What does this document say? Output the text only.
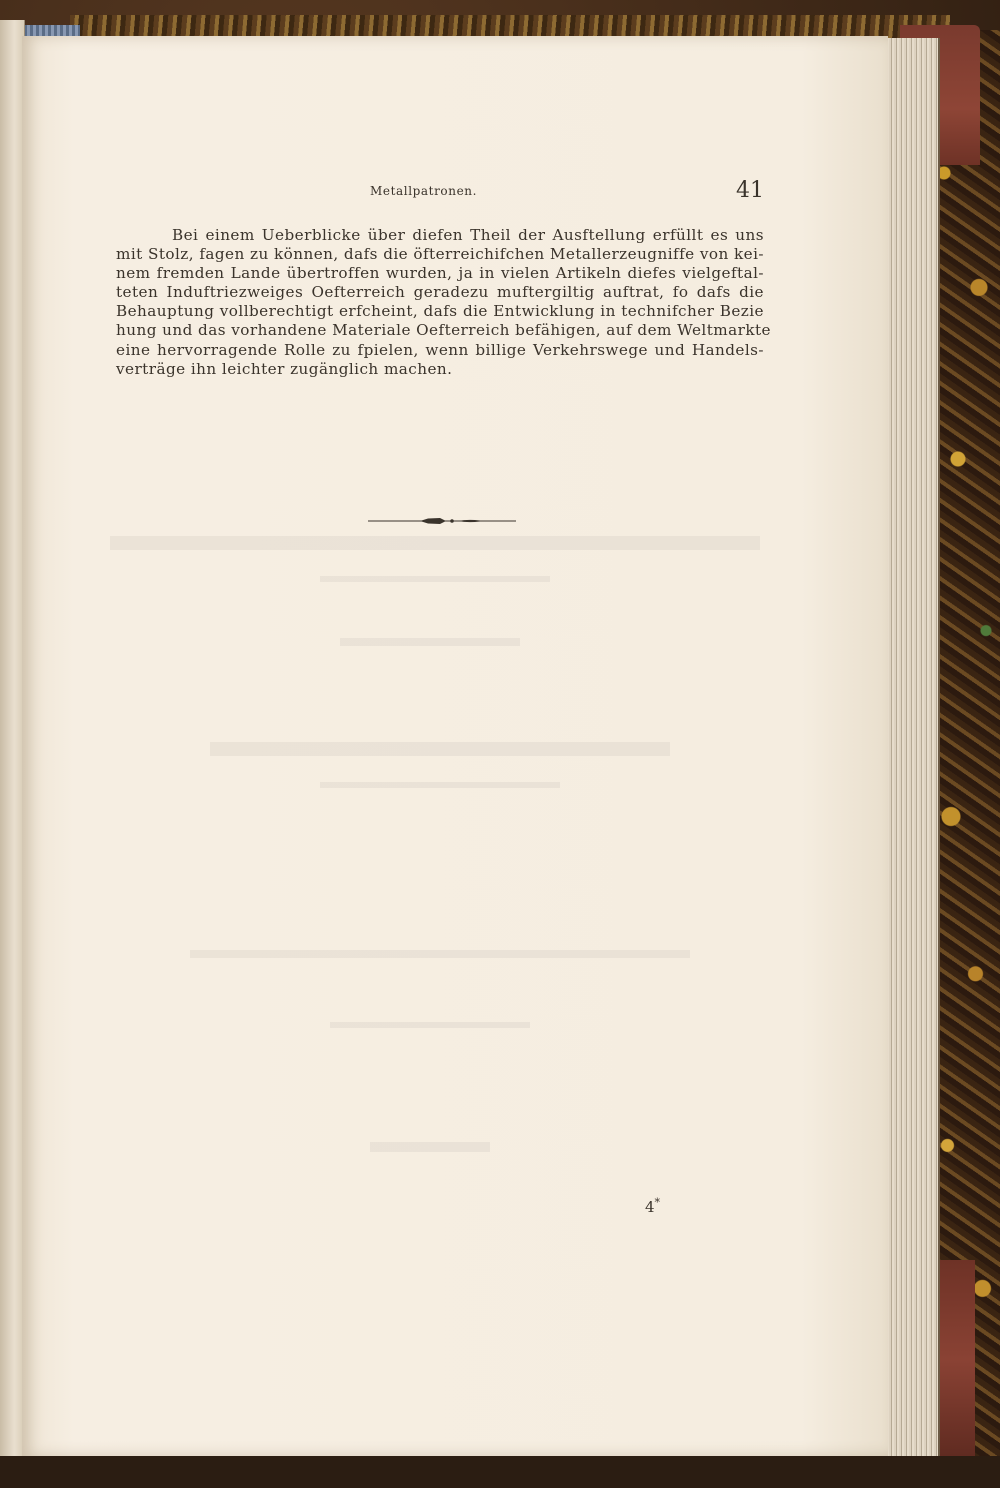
Metallpatronen.	41
Bei einem Ueberblicke über diefen Theil der Ausftellung erfüllt es uns
mit Stolz, fagen zu können, dafs die öfterreichifchen Metallerzeugniffe von kei-
nem fremden Lande übertroffen wurden, ja in vielen Artikeln diefes vielgeftal-
teten Induftriezweiges Oefterreich geradezu muftergiltig auftrat, fo dafs die
Behauptung vollberechtigt erfcheint, dafs die Entwicklung in technifcher Bezie
hung und das vorhandene Materiale Oefterreich befähigen, auf dem Weltmarkte
eine hervorragende Rolle zu fpielen, wenn billige Verkehrswege und Handels-
verträge ihn leichter zugänglich machen.
4*
